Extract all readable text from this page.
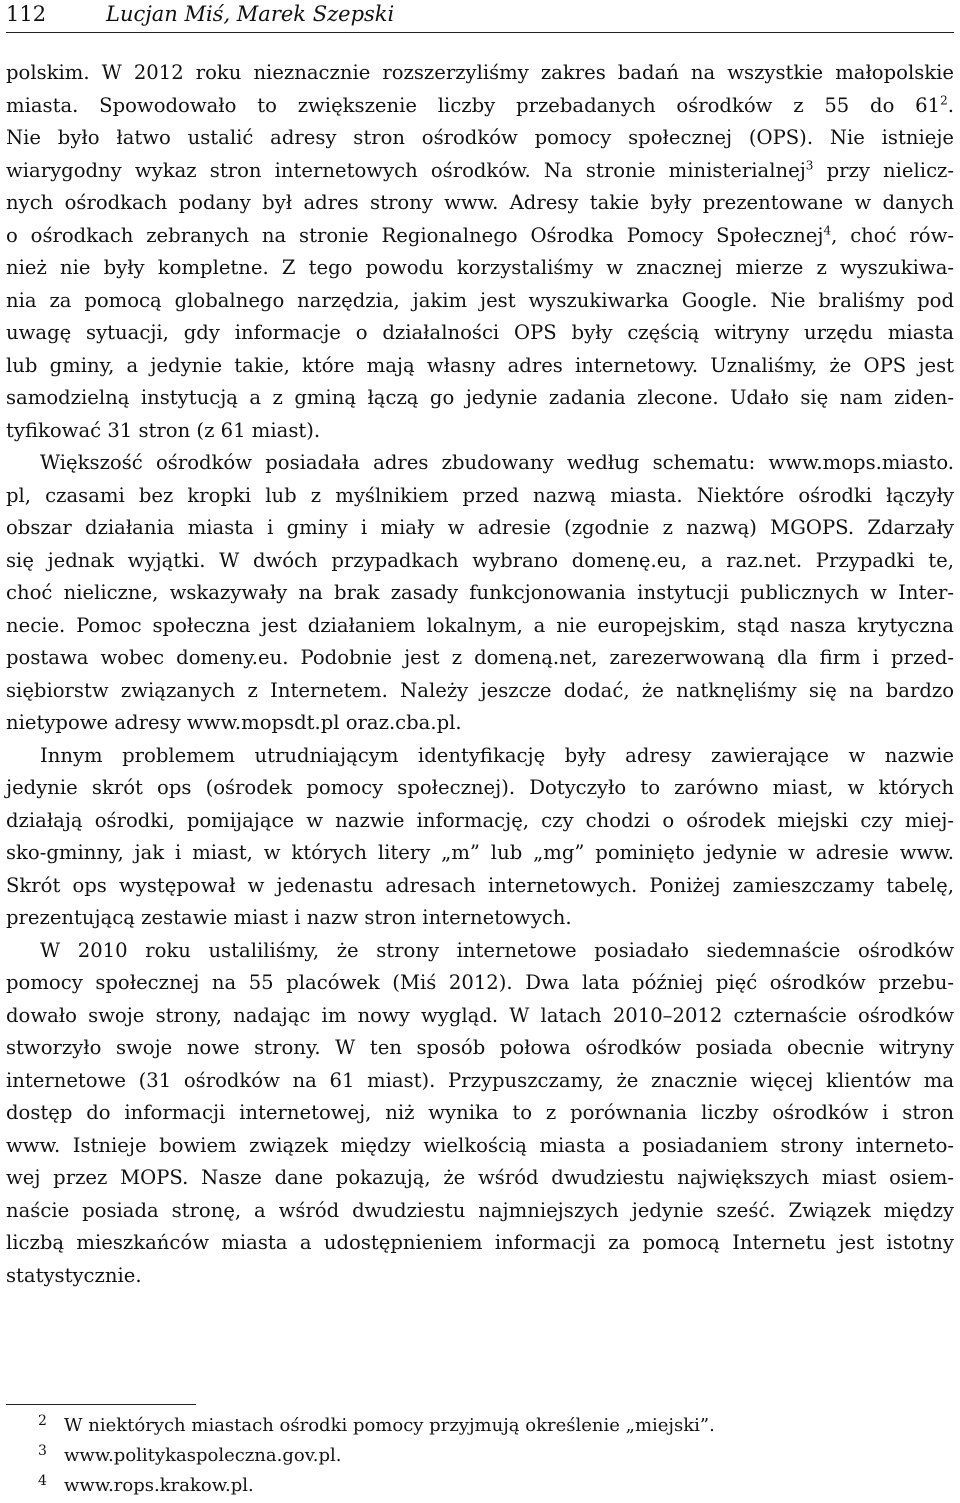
112	Lucjan Miś, Marek Szepski
polskim. W 2012 roku nieznacznie rozszerzyliśmy zakres badań na wszystkie małopolskie
miasta. Spowodowało to zwiększenie liczby przebadanych ośrodków z 55 do $61^2$.
Nie było łatwo ustalić adresy stron ośrodków pomocy społecznej (OPS). Nie istnieje
wiarygodny wykaz stron internetowych ośrodków. Na stronie ministerialnej$^3$ przy nielicz-
nych ośrodkach podany był adres strony www. Adresy takie były prezentowane w danych
o ośrodkach zebranych na stronie Regionalnego Ośrodka Pomocy Społecznej$^4$, choć rów-
nież nie były kompletne. Z tego powodu korzystaliśmy w znacznej mierze z wyszukiwa-
nia za pomocą globalnego narzędzia, jakim jest wyszukiwarka Google. Nie braliśmy pod
uwagę sytuacji, gdy informacje o działalności OPS były częścią witryny urzędu miasta
lub gminy, a jedynie takie, które mają własny adres internetowy. Uznaliśmy, że OPS jest
samodzielną instytucją a z gminą łączą go jedynie zadania zlecone. Udało się nam ziden-
tyfikować 31 stron (z 61 miast).
Większość ośrodków posiadała adres zbudowany według schematu: www.mops.miasto.
pl, czasami bez kropki lub z myślnikiem przed nazwą miasta. Niektóre ośrodki łączyły
obszar działania miasta i gminy i miały w adresie (zgodnie z nazwą) MGOPS. Zdarzały
się jednak wyjątki. W dwóch przypadkach wybrano domenę.eu, a raz.net. Przypadki te,
choć nieliczne, wskazywały na brak zasady funkcjonowania instytucji publicznych w Inter-
necie. Pomoc społeczna jest działaniem lokalnym, a nie europejskim, stąd nasza krytyczna
postawa wobec domeny.eu. Podobnie jest z domeną.net, zarezerwowaną dla firm i przed-
siębiorstw związanych z Internetem. Należy jeszcze dodać, że natknęliśmy się na bardzo
nietypowe adresy www.mopsdt.pl oraz.cba.pl.
Innym problemem utrudniającym identyfikację były adresy zawierające w nazwie
jedynie skrót ops (ośrodek pomocy społecznej). Dotyczyło to zarówno miast, w których
działają ośrodki, pomijające w nazwie informację, czy chodzi o ośrodek miejski czy miej-
sko-gminny, jak i miast, w których litery „m” lub „mg” pominięto jedynie w adresie www.
Skrót ops występował w jedenastu adresach internetowych. Poniżej zamieszczamy tabelę,
prezentującą zestawie miast i nazw stron internetowych.
W 2010 roku ustaliliśmy, że strony internetowe posiadało siedemnaście ośrodków
pomocy społecznej na 55 placówek (Miś 2012). Dwa lata później pięć ośrodków przebu-
dowało swoje strony, nadając im nowy wygląd. W latach 2010–2012 czternaście ośrodków
stworzyło swoje nowe strony. W ten sposób połowa ośrodków posiada obecnie witryny
internetowe (31 ośrodków na 61 miast). Przypuszczamy, że znacznie więcej klientów ma
dostęp do informacji internetowej, niż wynika to z porównania liczby ośrodków i stron
www. Istnieje bowiem związek między wielkością miasta a posiadaniem strony interneto-
wej przez MOPS. Nasze dane pokazują, że wśród dwudziestu największych miast osiem-
naście posiada stronę, a wśród dwudziestu najmniejszych jedynie sześć. Związek między
liczbą mieszkańców miasta a udostępnieniem informacji za pomocą Internetu jest istotny
statystycznie.
2 W niektórych miastach ośrodki pomocy przyjmują określenie „miejski”.
3 www.politykaspoleczna.gov.pl.
4 www.rops.krakow.pl.
